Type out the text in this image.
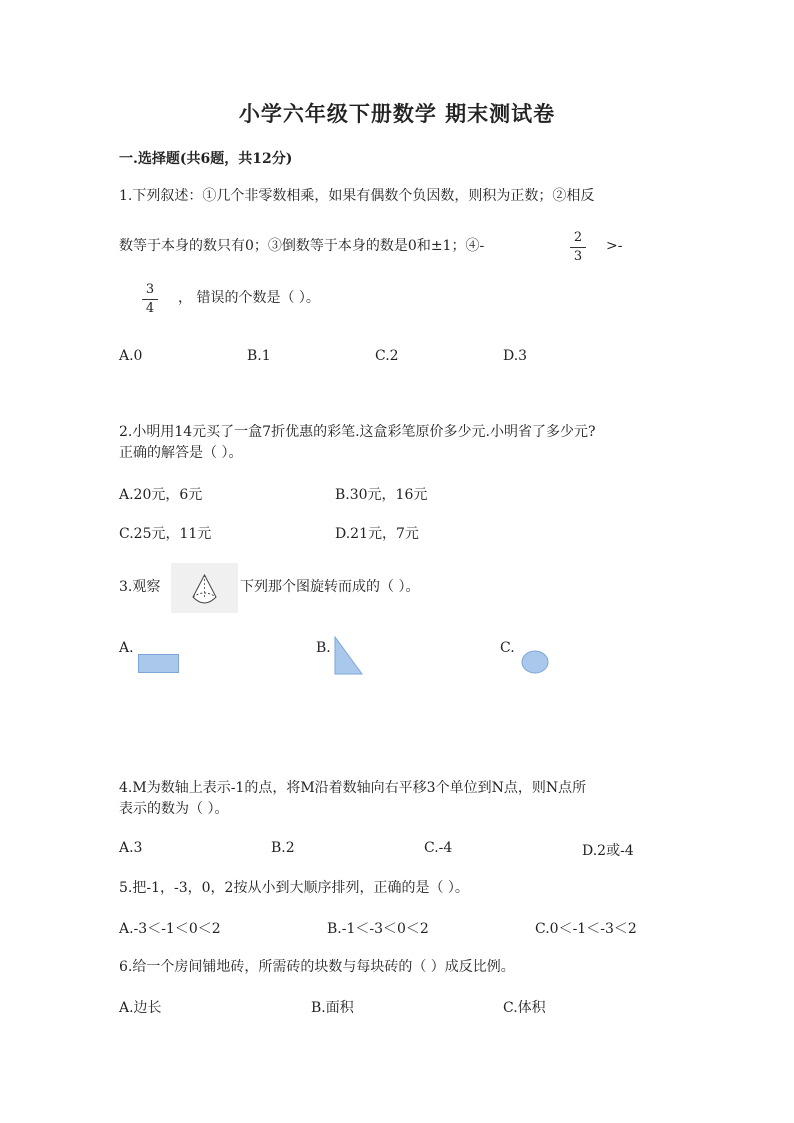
小学六年级下册数学 期末测试卷
一.选择题(共6题，共12分)
1.下列叙述：①几个非零数相乘，如果有偶数个负因数，则积为正数；②相反
数等于本身的数只有0；③倒数等于本身的数是0和±1；④-
2
3
>-
3
4
， 错误的个数是（ ）。
A.0	B.1	C.2	D.3
2.小明用14元买了一盒7折优惠的彩笔.这盒彩笔原价多少元.小明省了多少元?
正确的解答是（ ）。
A.20元，6元	B.30元，16元
C.25元，11元	D.21元，7元
3.观察	下列那个图旋转而成的（ ）。
A.	B.	C.
4.M为数轴上表示-1的点，将M沿着数轴向右平移3个单位到N点，则N点所
表示的数为（ ）。
A.3	B.2	C.-4	D.2或-4
5.把-1，-3，0，2按从小到大顺序排列，正确的是（ ）。
A.-3＜-1＜0＜2	B.-1＜-3＜0＜2	C.0＜-1＜-3＜2
6.给一个房间铺地砖，所需砖的块数与每块砖的（ ）成反比例。
A.边长	B.面积	C.体积
